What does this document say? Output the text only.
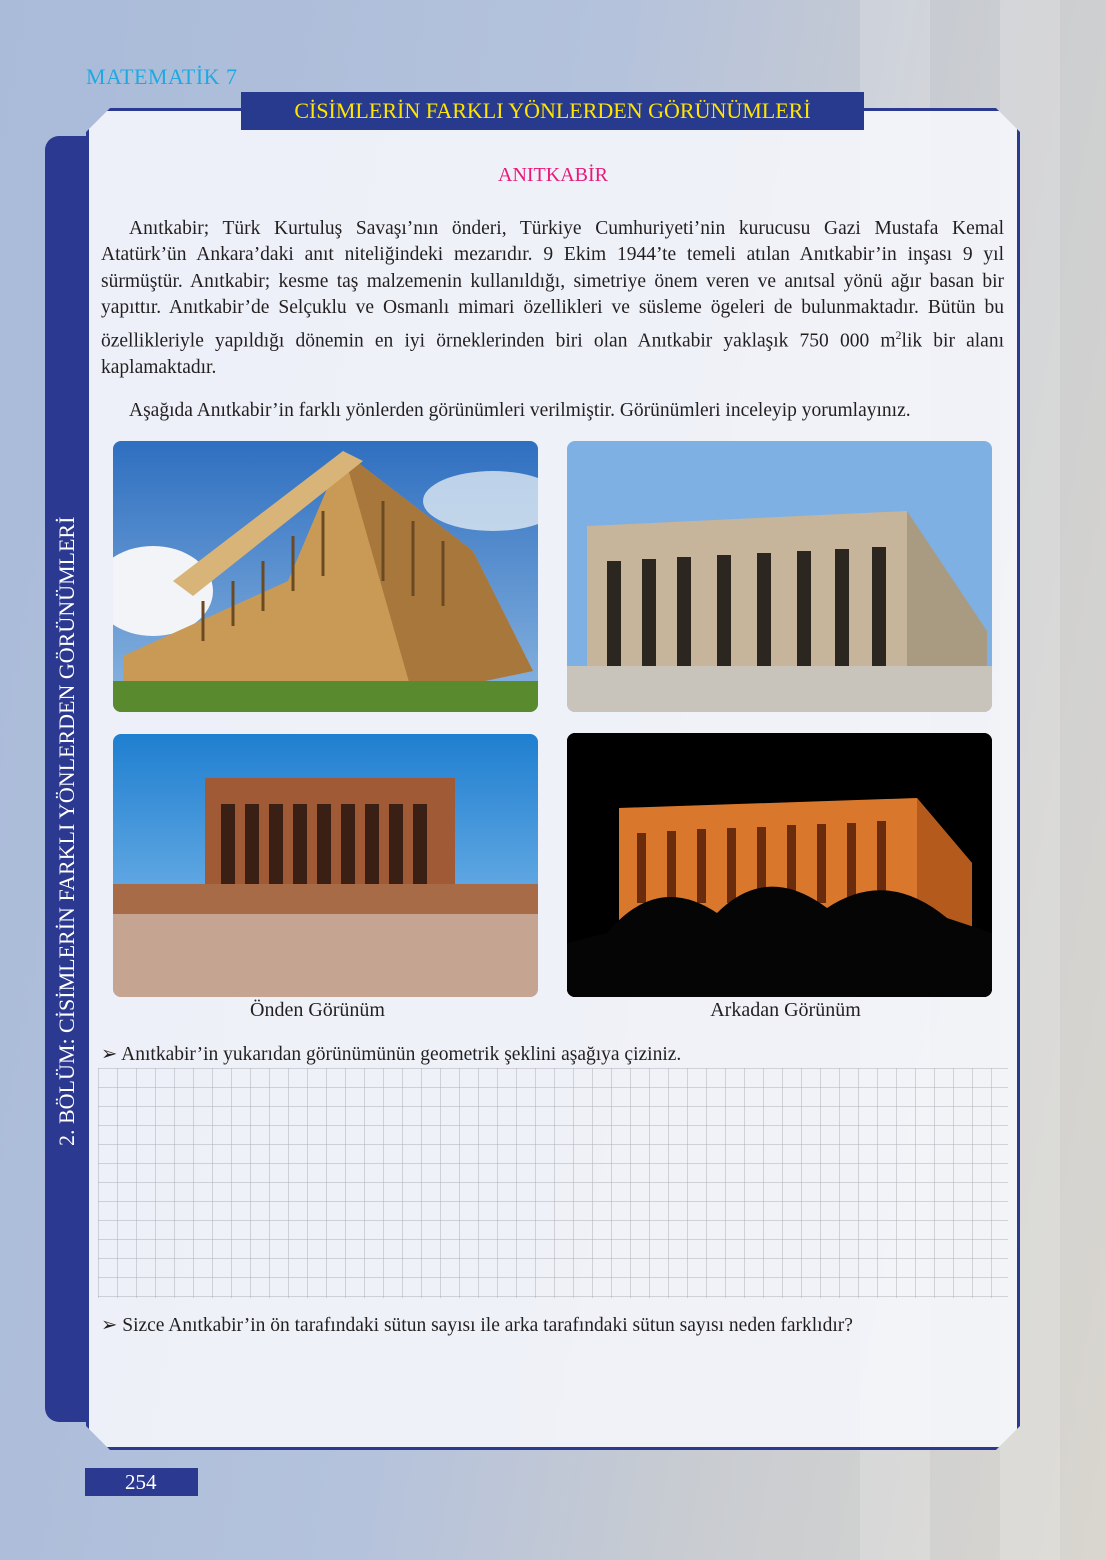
MATEMATİK 7
CİSİMLERİN FARKLI YÖNLERDEN GÖRÜNÜMLERİ
2. BÖLÜM: CİSİMLERİN FARKLI YÖNLERDEN GÖRÜNÜMLERİ
ANITKABİR

Anıtkabir; Türk Kurtuluş Savaşı’nın önderi, Türkiye Cumhuriyeti’nin kurucusu Gazi Mustafa Kemal Atatürk’ün Ankara’daki anıt niteliğindeki mezarıdır. 9 Ekim 1944’te temeli atılan Anıtkabir’in inşası 9 yıl sürmüştür. Anıtkabir; kesme taş malzemenin kullanıldığı, simetriye önem veren ve anıtsal yönü ağır basan bir yapıttır. Anıtkabir’de Selçuklu ve Osmanlı mimari özellikleri ve süsleme ögeleri de bulunmaktadır. Bütün bu özellikleriyle yapıldığı dönemin en iyi örneklerinden biri olan Anıtkabir yaklaşık 750 000 $m^2lik$ bir alanı kaplamaktadır.

Aşağıda Anıtkabir’in farklı yönlerden görünümleri verilmiştir. Görünümleri inceleyip yorumlayınız.
Önden Görünüm	Arkadan Görünüm
➢ Anıtkabir’in yukarıdan görünümünün geometrik şeklini aşağıya çiziniz.
➢ Sizce Anıtkabir’in ön tarafındaki sütun sayısı ile arka tarafındaki sütun sayısı neden farklıdır?
254
